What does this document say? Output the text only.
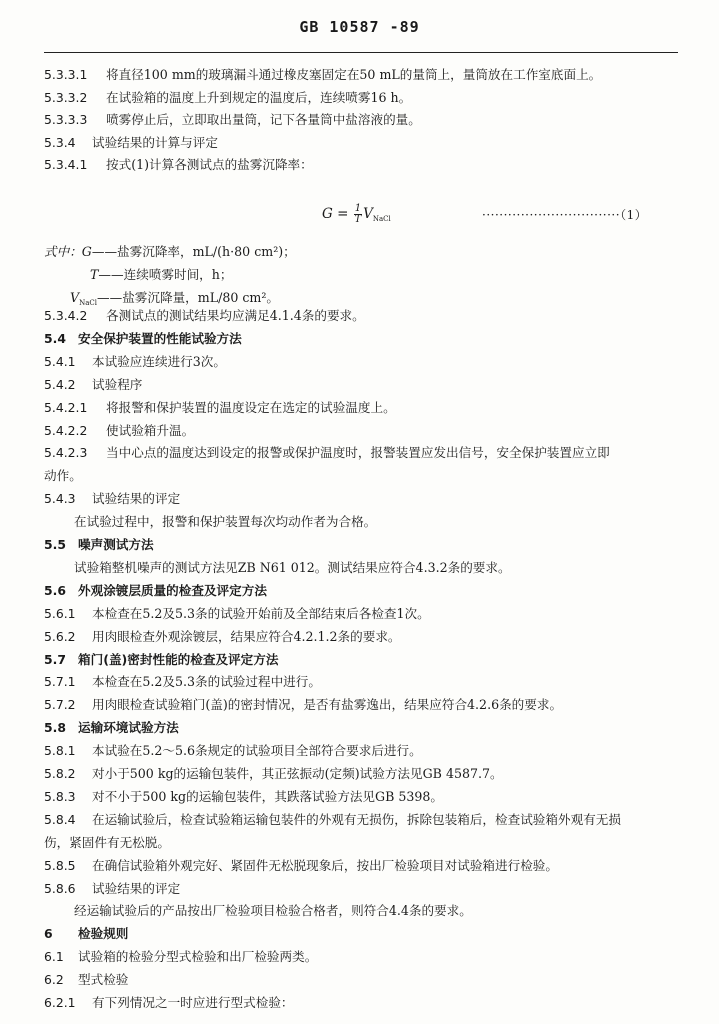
GB 10587 -89
5.3.3.1 将直径100 mm的玻璃漏斗通过橡皮塞固定在50 mL的量筒上，量筒放在工作室底面上。
5.3.3.2 在试验箱的温度上升到规定的温度后，连续喷雾16 h。
5.3.3.3 喷雾停止后，立即取出量筒，记下各量筒中盐溶液的量。
5.3.4 试验结果的计算与评定
5.3.4.1 按式(1)计算各测试点的盐雾沉降率：
$G = \frac{1}{T} V_{NaCl}$	································（1）
式中：G——盐雾沉降率，mL/(h·80 cm²)；
T——连续喷雾时间，h；
$V_{NaCl}——$盐雾沉降量，mL/80 cm²。
5.3.4.2 各测试点的测试结果均应满足4.1.4条的要求。
5.4 安全保护装置的性能试验方法
5.4.1 本试验应连续进行3次。
5.4.2 试验程序
5.4.2.1 将报警和保护装置的温度设定在选定的试验温度上。
5.4.2.2 使试验箱升温。
5.4.2.3 当中心点的温度达到设定的报警或保护温度时，报警装置应发出信号，安全保护装置应立即
动作。
5.4.3 试验结果的评定
在试验过程中，报警和保护装置每次均动作者为合格。
5.5 噪声测试方法
试验箱整机噪声的测试方法见ZB N61 012。测试结果应符合4.3.2条的要求。
5.6 外观涂镀层质量的检查及评定方法
5.6.1 本检查在5.2及5.3条的试验开始前及全部结束后各检查1次。
5.6.2 用肉眼检查外观涂镀层，结果应符合4.2.1.2条的要求。
5.7 箱门(盖)密封性能的检查及评定方法
5.7.1 本检查在5.2及5.3条的试验过程中进行。
5.7.2 用肉眼检查试验箱门(盖)的密封情况，是否有盐雾逸出，结果应符合4.2.6条的要求。
5.8 运输环境试验方法
5.8.1 本试验在5.2～5.6条规定的试验项目全部符合要求后进行。
5.8.2 对小于500 kg的运输包装件，其正弦振动(定频)试验方法见GB 4587.7。
5.8.3 对不小于500 kg的运输包装件，其跌落试验方法见GB 5398。
5.8.4 在运输试验后，检查试验箱运输包装件的外观有无损伤，拆除包装箱后，检查试验箱外观有无损
伤，紧固件有无松脱。
5.8.5 在确信试验箱外观完好、紧固件无松脱现象后，按出厂检验项目对试验箱进行检验。
5.8.6 试验结果的评定
经运输试验后的产品按出厂检验项目检验合格者，则符合4.4条的要求。
6 检验规则
6.1 试验箱的检验分型式检验和出厂检验两类。
6.2 型式检验
6.2.1 有下列情况之一时应进行型式检验：
